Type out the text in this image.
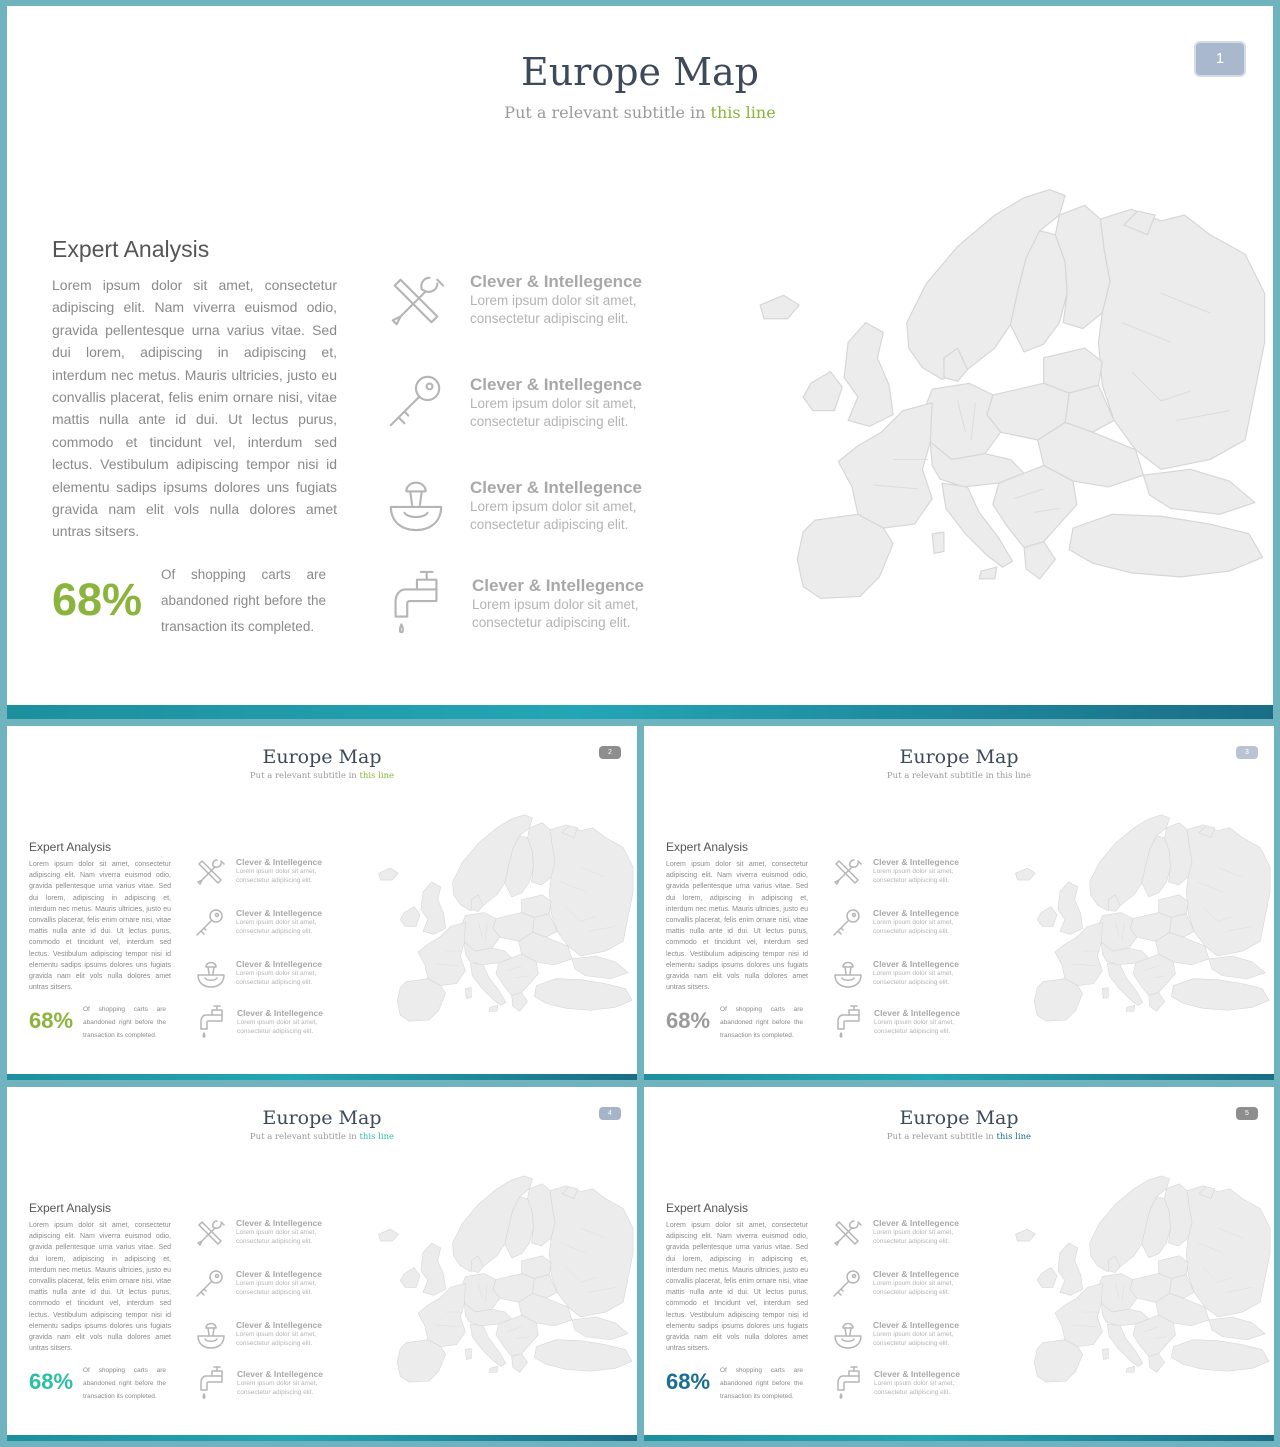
Europe Map
Put a relevant subtitle in this line
1
Expert Analysis
Lorem ipsum dolor sit amet, consectetur adipiscing elit. Nam viverra euismod odio, gravida pellentesque urna varius vitae. Sed dui lorem, adipiscing in adipiscing et, interdum nec metus. Mauris ultricies, justo eu convallis placerat, felis enim ornare nisi, vitae mattis nulla ante id dui. Ut lectus purus, commodo et tincidunt vel, interdum sed lectus. Vestibulum adipiscing tempor nisi id elementu sadips ipsums dolores uns fugiats gravida nam elit vols nulla dolores amet untras sitsers.
68% Of shopping carts are abandoned right before the transaction its completed.
Clever & Intellegence
Lorem ipsum dolor sit amet, consectetur adipiscing elit.
Clever & Intellegence
Lorem ipsum dolor sit amet, consectetur adipiscing elit.
Clever & Intellegence
Lorem ipsum dolor sit amet, consectetur adipiscing elit.
Clever & Intellegence
Lorem ipsum dolor sit amet, consectetur adipiscing elit.
Europe Map
Put a relevant subtitle in this line
2
Expert Analysis
Lorem ipsum dolor sit amet, consectetur adipiscing elit. Nam viverra euismod odio, gravida pellentesque urna varius vitae. Sed dui lorem, adipiscing in adipiscing et, interdum nec metus. Mauris ultricies, justo eu convallis placerat, felis enim ornare nisi, vitae mattis nulla ante id dui. Ut lectus purus, commodo et tincidunt vel, interdum sed lectus. Vestibulum adipiscing tempor nisi id elementu sadips ipsums dolores uns fugiats gravida nam elit vols nulla dolores amet untras sitsers.
68% Of shopping carts are abandoned right before the transaction its completed.
Clever & Intellegence
Lorem ipsum dolor sit amet, consectetur adipiscing elit.
Clever & Intellegence
Lorem ipsum dolor sit amet, consectetur adipiscing elit.
Clever & Intellegence
Lorem ipsum dolor sit amet, consectetur adipiscing elit.
Clever & Intellegence
Lorem ipsum dolor sit amet, consectetur adipiscing elit.
Europe Map
Put a relevant subtitle in this line
3
Expert Analysis
Lorem ipsum dolor sit amet, consectetur adipiscing elit. Nam viverra euismod odio, gravida pellentesque urna varius vitae. Sed dui lorem, adipiscing in adipiscing et, interdum nec metus. Mauris ultricies, justo eu convallis placerat, felis enim ornare nisi, vitae mattis nulla ante id dui. Ut lectus purus, commodo et tincidunt vel, interdum sed lectus. Vestibulum adipiscing tempor nisi id elementu sadips ipsums dolores uns fugiats gravida nam elit vols nulla dolores amet untras sitsers.
68% Of shopping carts are abandoned right before the transaction its completed.
Clever & Intellegence
Lorem ipsum dolor sit amet, consectetur adipiscing elit.
Clever & Intellegence
Lorem ipsum dolor sit amet, consectetur adipiscing elit.
Clever & Intellegence
Lorem ipsum dolor sit amet, consectetur adipiscing elit.
Clever & Intellegence
Lorem ipsum dolor sit amet, consectetur adipiscing elit.
Europe Map
Put a relevant subtitle in this line
4
Expert Analysis
Lorem ipsum dolor sit amet, consectetur adipiscing elit. Nam viverra euismod odio, gravida pellentesque urna varius vitae. Sed dui lorem, adipiscing in adipiscing et, interdum nec metus. Mauris ultricies, justo eu convallis placerat, felis enim ornare nisi, vitae mattis nulla ante id dui. Ut lectus purus, commodo et tincidunt vel, interdum sed lectus. Vestibulum adipiscing tempor nisi id elementu sadips ipsums dolores uns fugiats gravida nam elit vols nulla dolores amet untras sitsers.
68% Of shopping carts are abandoned right before the transaction its completed.
Clever & Intellegence
Lorem ipsum dolor sit amet, consectetur adipiscing elit.
Clever & Intellegence
Lorem ipsum dolor sit amet, consectetur adipiscing elit.
Clever & Intellegence
Lorem ipsum dolor sit amet, consectetur adipiscing elit.
Clever & Intellegence
Lorem ipsum dolor sit amet, consectetur adipiscing elit.
Europe Map
Put a relevant subtitle in this line
5
Expert Analysis
Lorem ipsum dolor sit amet, consectetur adipiscing elit. Nam viverra euismod odio, gravida pellentesque urna varius vitae. Sed dui lorem, adipiscing in adipiscing et, interdum nec metus. Mauris ultricies, justo eu convallis placerat, felis enim ornare nisi, vitae mattis nulla ante id dui. Ut lectus purus, commodo et tincidunt vel, interdum sed lectus. Vestibulum adipiscing tempor nisi id elementu sadips ipsums dolores uns fugiats gravida nam elit vols nulla dolores amet untras sitsers.
68% Of shopping carts are abandoned right before the transaction its completed.
Clever & Intellegence
Lorem ipsum dolor sit amet, consectetur adipiscing elit.
Clever & Intellegence
Lorem ipsum dolor sit amet, consectetur adipiscing elit.
Clever & Intellegence
Lorem ipsum dolor sit amet, consectetur adipiscing elit.
Clever & Intellegence
Lorem ipsum dolor sit amet, consectetur adipiscing elit.
